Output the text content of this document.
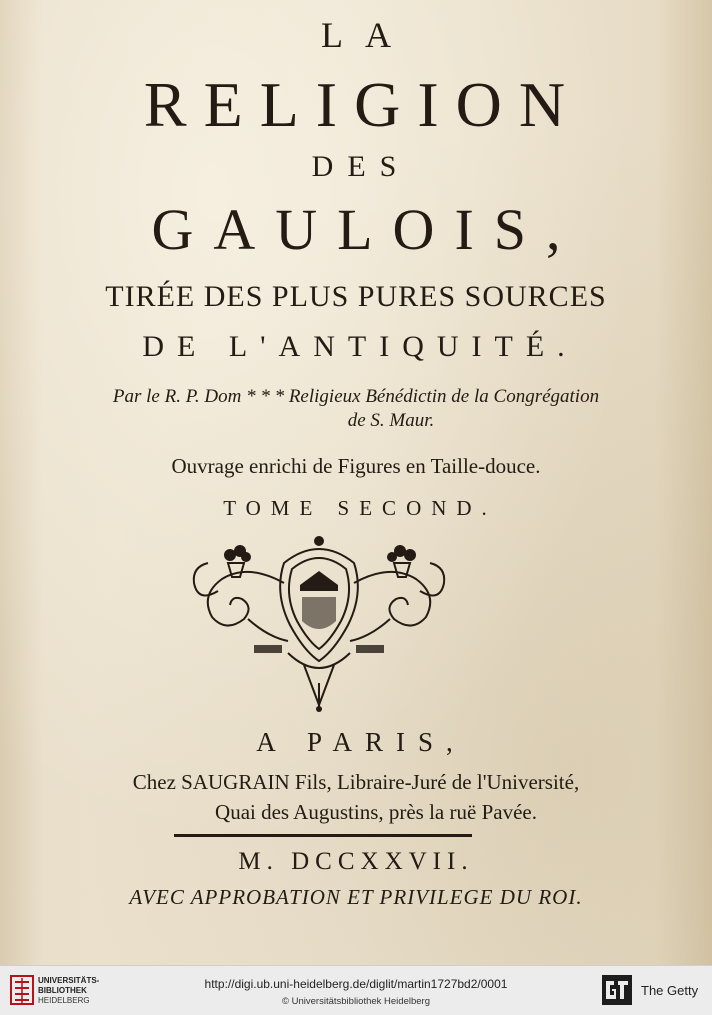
LA
RELIGION
DES
GAULOIS,
TIRÉE DES PLUS PURES SOURCES
DE L'ANTIQUITÉ.
Par le R. P. Dom * * * Religieux Bénédictin de la Congrégation
de S. Maur.
Ouvrage enrichi de Figures en Taille-douce.
TOME SECOND.
A PARIS,
Chez SAUGRAIN Fils, Libraire-Juré de l'Université,
Quai des Augustins, près la ruë Pavée.
M. DCCXXVII.
AVEC APPROBATION ET PRIVILEGE DU ROI.
UNIVERSITÄTS-
BIBLIOTHEK
HEIDELBERG
http://digi.ub.uni-heidelberg.de/diglit/martin1727bd2/0001
© Universitätsbibliothek Heidelberg
The Getty
